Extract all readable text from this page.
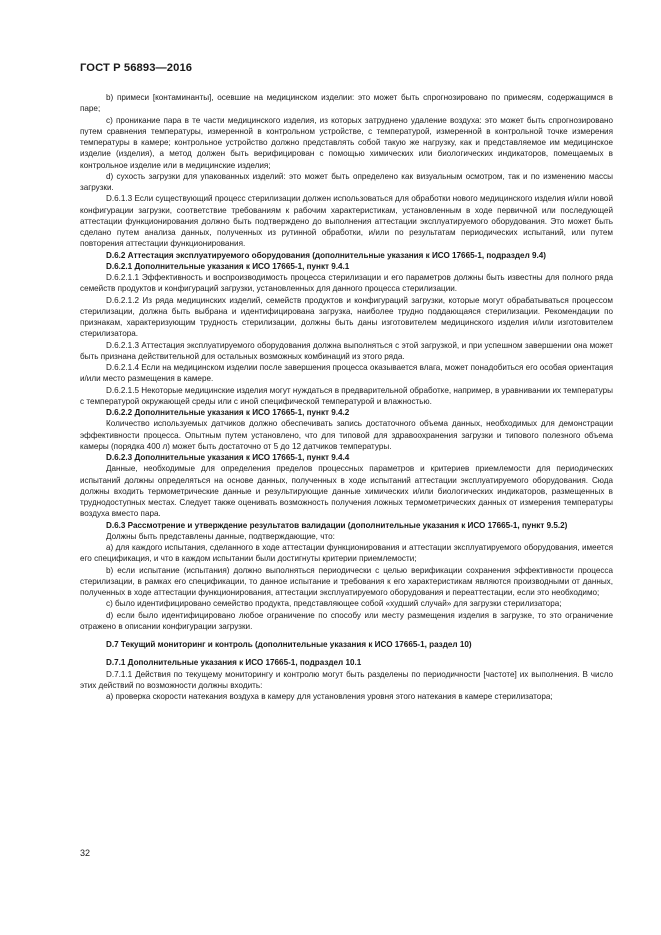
ГОСТ Р 56893—2016

b) примеси [контаминанты], осевшие на медицинском изделии: это может быть спрогнозировано по примесям, содержащимся в паре;

c) проникание пара в те части медицинского изделия, из которых затруднено удаление воздуха: это может быть спрогнозировано путем сравнения температуры, измеренной в контрольном устройстве, с температурой, измеренной в контрольной точке измерения температуры в камере; контрольное устройство должно представлять собой такую же нагрузку, как и представляемое им медицинское изделие (изделия), а метод должен быть верифицирован с помощью химических или биологических индикаторов, помещаемых в контрольное изделие или в медицинские изделия;

d) сухость загрузки для упакованных изделий: это может быть определено как визуальным осмотром, так и по изменению массы загрузки.

D.6.1.3 Если существующий процесс стерилизации должен использоваться для обработки нового медицинского изделия и/или новой конфигурации загрузки, соответствие требованиям к рабочим характеристикам, установленным в ходе первичной или последующей аттестации функционирования должно быть подтверждено до выполнения аттестации эксплуатируемого оборудования. Это может быть сделано путем анализа данных, полученных из рутинной обработки, и/или по результатам периодических испытаний, или путем повторения аттестации функционирования.

D.6.2 Аттестация эксплуатируемого оборудования (дополнительные указания к ИСО 17665-1, подраздел 9.4)

D.6.2.1 Дополнительные указания к ИСО 17665-1, пункт 9.4.1

D.6.2.1.1 Эффективность и воспроизводимость процесса стерилизации и его параметров должны быть известны для полного ряда семейств продуктов и конфигураций загрузки, установленных для данного процесса стерилизации.

D.6.2.1.2 Из ряда медицинских изделий, семейств продуктов и конфигураций загрузки, которые могут обрабатываться процессом стерилизации, должна быть выбрана и идентифицирована загрузка, наиболее трудно поддающаяся стерилизации. Рекомендации по признакам, характеризующим трудность стерилизации, должны быть даны изготовителем медицинского изделия и/или изготовителем стерилизатора.

D.6.2.1.3 Аттестация эксплуатируемого оборудования должна выполняться с этой загрузкой, и при успешном завершении она может быть признана действительной для остальных возможных комбинаций из этого ряда.

D.6.2.1.4 Если на медицинском изделии после завершения процесса оказывается влага, может понадобиться его особая ориентация и/или место размещения в камере.

D.6.2.1.5 Некоторые медицинские изделия могут нуждаться в предварительной обработке, например, в уравнивании их температуры с температурой окружающей среды или с иной специфической температурой и влажностью.

D.6.2.2 Дополнительные указания к ИСО 17665-1, пункт 9.4.2

Количество используемых датчиков должно обеспечивать запись достаточного объема данных, необходимых для демонстрации эффективности процесса. Опытным путем установлено, что для типовой для здравоохранения загрузки и типового полезного объема камеры (порядка 400 л) может быть достаточно от 5 до 12 датчиков температуры.

D.6.2.3 Дополнительные указания к ИСО 17665-1, пункт 9.4.4

Данные, необходимые для определения пределов процессных параметров и критериев приемлемости для периодических испытаний должны определяться на основе данных, полученных в ходе испытаний аттестации эксплуатируемого оборудования. Сюда должны входить термометрические данные и результирующие данные химических и/или биологических индикаторов, размещенных в труднодоступных местах. Следует также оценивать возможность получения ложных термометрических данных от измерения температуры воздуха вместо пара.

D.6.3 Рассмотрение и утверждение результатов валидации (дополнительные указания к ИСО 17665-1, пункт 9.5.2)

Должны быть представлены данные, подтверждающие, что:

a) для каждого испытания, сделанного в ходе аттестации функционирования и аттестации эксплуатируемого оборудования, имеется его спецификация, и что в каждом испытании были достигнуты критерии приемлемости;

b) если испытание (испытания) должно выполняться периодически с целью верификации сохранения эффективности процесса стерилизации, в рамках его спецификации, то данное испытание и требования к его характеристикам являются производными от данных, полученных в ходе аттестации функционирования, аттестации эксплуатируемого оборудования и переаттестации, если это необходимо;

c) было идентифицировано семейство продукта, представляющее собой «худший случай» для загрузки стерилизатора;

d) если было идентифицировано любое ограничение по способу или месту размещения изделия в загрузке, то это ограничение отражено в описании конфигурации загрузки.

D.7 Текущий мониторинг и контроль (дополнительные указания к ИСО 17665-1, раздел 10)

D.7.1 Дополнительные указания к ИСО 17665-1, подраздел 10.1

D.7.1.1 Действия по текущему мониторингу и контролю могут быть разделены по периодичности [частоте] их выполнения. В число этих действий по возможности должны входить:

a) проверка скорости натекания воздуха в камеру для установления уровня этого натекания в камере стерилизатора;

32
